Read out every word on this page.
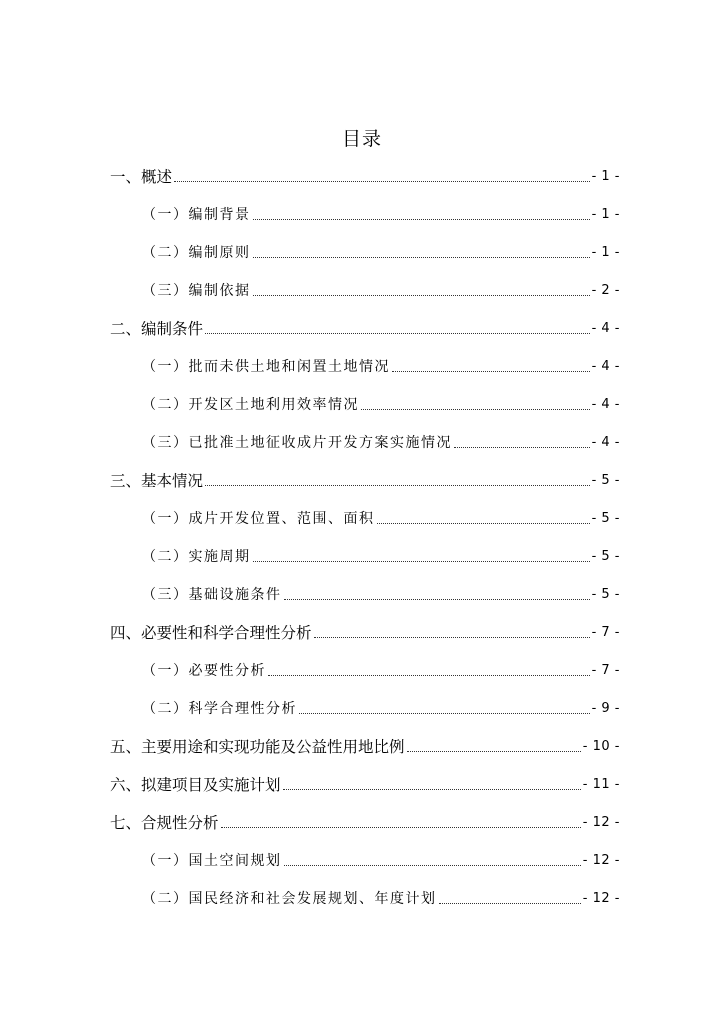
目录
一、概述	- 1 -
（一）编制背景	- 1 -
（二）编制原则	- 1 -
（三）编制依据	- 2 -
二、编制条件	- 4 -
（一）批而未供土地和闲置土地情况	- 4 -
（二）开发区土地利用效率情况	- 4 -
（三）已批准土地征收成片开发方案实施情况	- 4 -
三、基本情况	- 5 -
（一）成片开发位置、范围、面积	- 5 -
（二）实施周期	- 5 -
（三）基础设施条件	- 5 -
四、必要性和科学合理性分析	- 7 -
（一）必要性分析	- 7 -
（二）科学合理性分析	- 9 -
五、主要用途和实现功能及公益性用地比例	- 10 -
六、拟建项目及实施计划	- 11 -
七、合规性分析	- 12 -
（一）国土空间规划	- 12 -
（二）国民经济和社会发展规划、年度计划	- 12 -
